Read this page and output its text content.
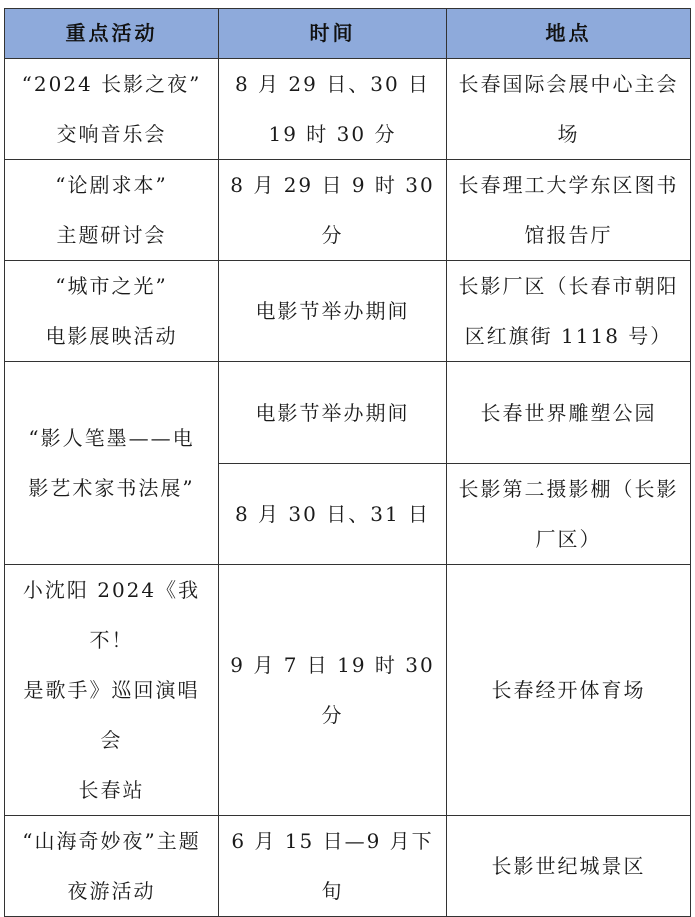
重点活动	时间	地点

“2024 长影之夜”
交响音乐会	8 月 29 日、30 日
19 时 30 分	长春国际会展中心主会
场

“论剧求本”
主题研讨会	8 月 29 日 9 时 30 分	长春理工大学东区图书
馆报告厅

“城市之光”
电影展映活动	电影节举办期间	长影厂区（长春市朝阳
区红旗街 1118 号）

“影人笔墨——电
影艺术家书法展”	电影节举办期间	长春世界雕塑公园

	8 月 30 日、31 日	长影第二摄影棚（长影
厂区）

小沈阳 2024《我不！
是歌手》巡回演唱会
长春站	9 月 7 日 19 时 30 分	长春经开体育场

“山海奇妙夜”主题
夜游活动	6 月 15 日—9 月下旬	长影世纪城景区
